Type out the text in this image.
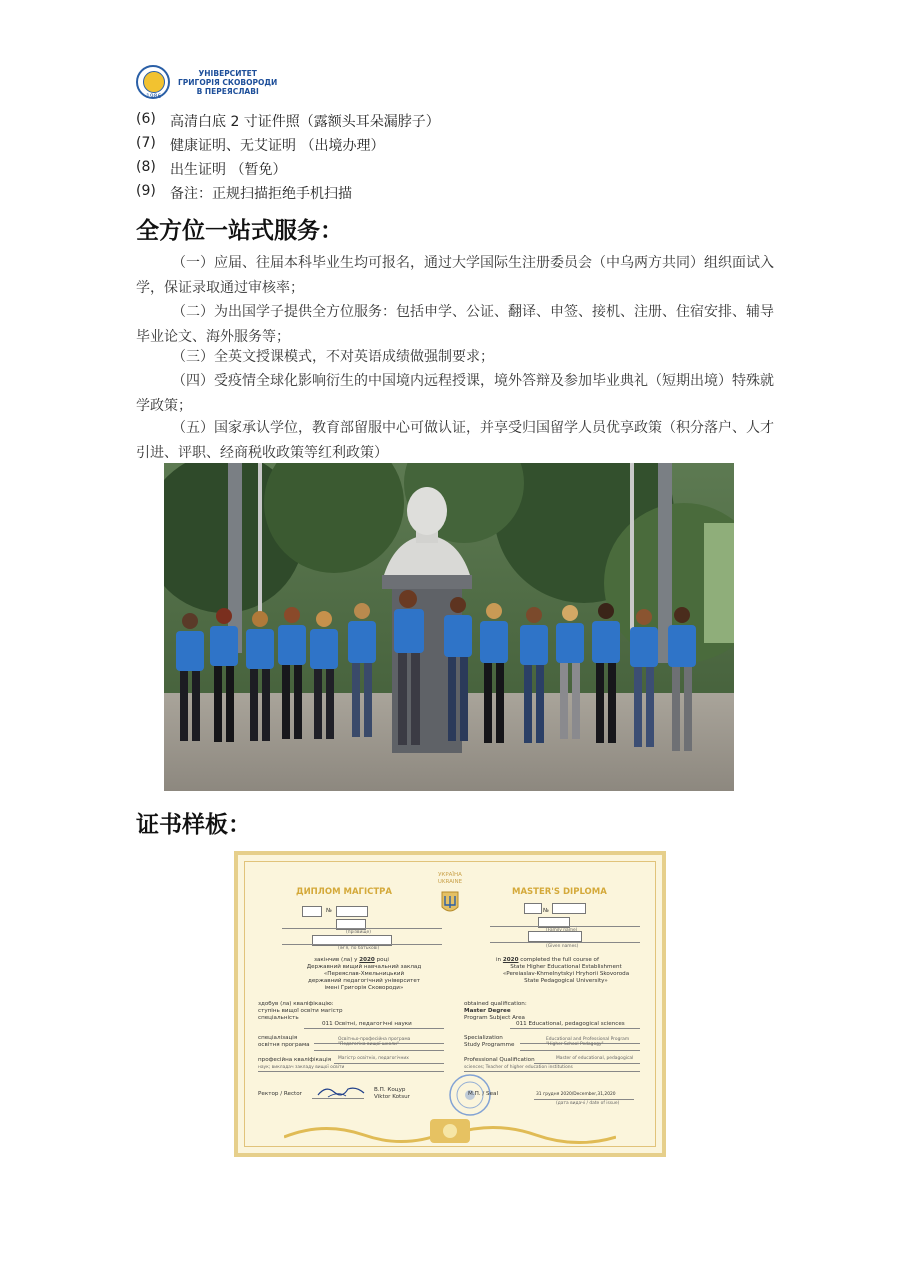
1986
УНІВЕРСИТЕТ
ГРИГОРІЯ СКОВОРОДИ
В ПЕРЕЯСЛАВІ
(6)	高清白底 2 寸证件照（露额头耳朵漏脖子）
(7)	健康证明、无艾证明 （出境办理）
(8)	出生证明 （暂免）
(9)	备注：正规扫描拒绝手机扫描
全方位一站式服务：
（一）应届、往届本科毕业生均可报名，通过大学国际生注册委员会（中乌两方共同）组织面试入学，保证录取通过审核率；
（二）为出国学子提供全方位服务：包括申学、公证、翻译、申签、接机、注册、住宿安排、辅导毕业论文、海外服务等；
（三）全英文授课模式，不对英语成绩做强制要求；
（四）受疫情全球化影响衍生的中国境内远程授课，境外答辩及参加毕业典礼（短期出境）特殊就学政策；
（五）国家承认学位，教育部留服中心可做认证，并享受归国留学人员优享政策（积分落户、人才引进、评职、经商税收政策等红利政策）
证书样板：
УКРАЇНА
UKRAINE
ДИПЛОМ МАГІСТРА
№
(прізвище)
(ім'я, по батькові)
закінчив (ла) у 2020 році
Державний вищий навчальний заклад
«Переяслав-Хмельницький
державний педагогічний університет
імені Григорія Сковороди»
здобув (ла) кваліфікацію:
ступінь вищої освіти магістр
спеціальність
011 Освітні, педагогічні науки
спеціалізація
освітня програма
Освітньо-професійна програма
"Педагогіка вищої школи"
професійна кваліфікація Магістр освітніх, педагогічних
наук; викладач закладу вищої освіти
Ректор / Rector
В.П. Коцур
Viktor Kotsur
MASTER'S DIPLOMA
№
(Given names)
in 2020 completed the full course of
State Higher Educational Establishment
«Pereiaslav-Khmelnytskyi Hryhorii Skovoroda
State Pedagogical University»
obtained qualification:
Master Degree
Program Subject Area
011 Educational, pedagogical sciences
Specialization
Study Programme
Educational and Professional Program
"Higher School Pedagogy"
Professional Qualification	Master of educational, pedagogical
sciences; Teacher of higher education institutions
М.П. / Seal	31 грудня 2020/December,31,2020
(дата видачі / date of issue)
